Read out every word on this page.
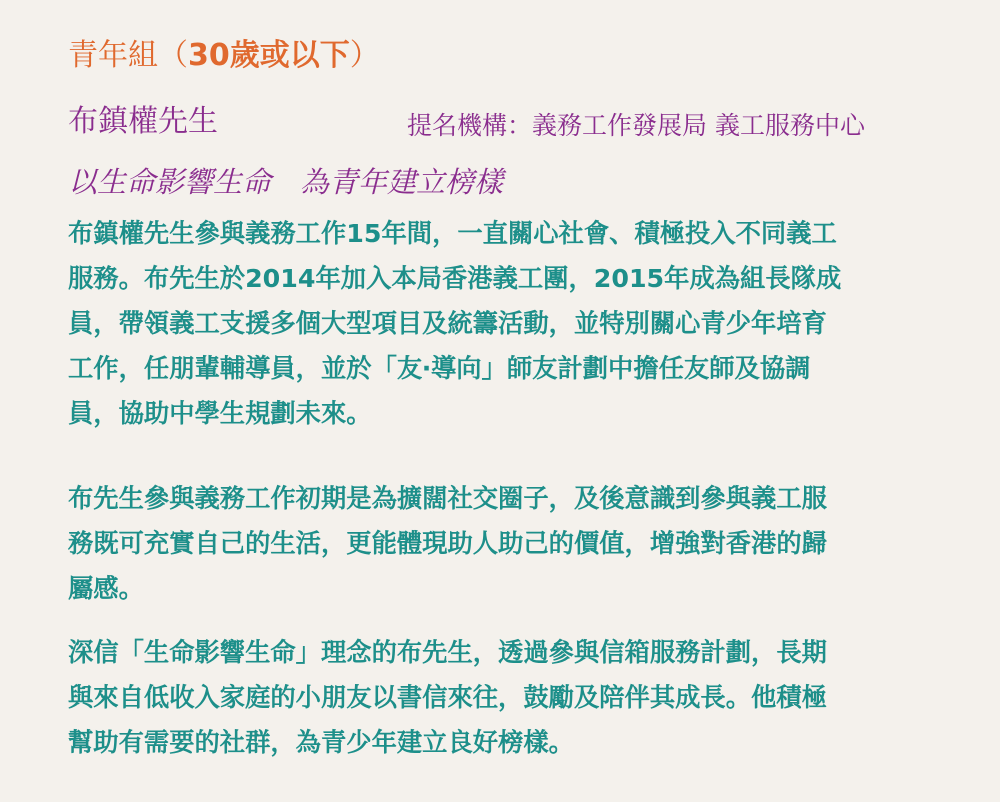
青年組（30歲或以下）
布鎮權先生	提名機構：義務工作發展局 義工服務中心
以生命影響生命　為青年建立榜樣

布鎮權先生參與義務工作15年間，一直關心社會、積極投入不同義工
服務。布先生於2014年加入本局香港義工團，2015年成為組長隊成
員，帶領義工支援多個大型項目及統籌活動，並特別關心青少年培育
工作，任朋輩輔導員，並於「友‧導向」師友計劃中擔任友師及協調
員，協助中學生規劃未來。

布先生參與義務工作初期是為擴闊社交圈子，及後意識到參與義工服
務既可充實自己的生活，更能體現助人助己的價值，增強對香港的歸
屬感。

深信「生命影響生命」理念的布先生，透過參與信箱服務計劃，長期
與來自低收入家庭的小朋友以書信來往，鼓勵及陪伴其成長。他積極
幫助有需要的社群，為青少年建立良好榜樣。
